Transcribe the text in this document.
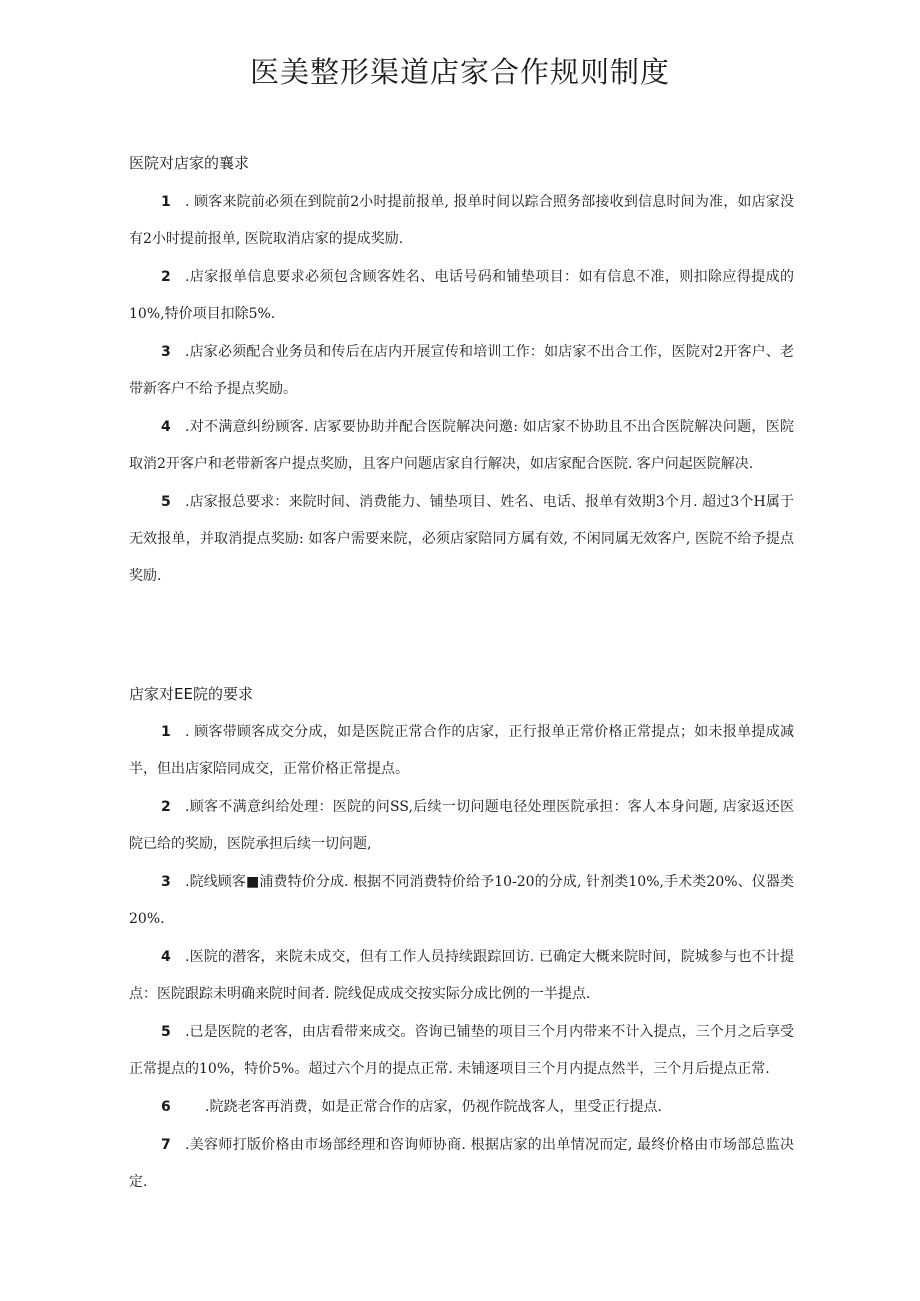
医美整形渠道店家合作规则制度
医院对店家的襄求
1 . 顾客来院前必须在到院前2小时提前报单, 报单时间以踪合照务部接收到信息时间为准，如店家没有2小时提前报单, 医院取消店家的提成奖励.
2 .店家报单信息要求必须包含顾客姓名、电话号码和铺垫项目：如有信息不准，则扣除应得提成的10%,特价项目扣除5%.
3 .店家必须配合业务员和传后在店内开展宣传和培训工作：如店家不出合工作，医院对2开客户、老带新客户不给予提点奖励。
4 .对不满意纠纷顾客. 店冢要协助并配合医院解决问邀: 如店家不协助且不出合医院解决问题，医院取消2开客户和老带新客户提点奖励，且客户问题店家自行解决，如店家配合医院. 客户问起医院解决.
5 .店家报总要求：来院时间、消费能力、铺垫项目、姓名、电话、报单有效期3个月. 超过3个H属于无效报单，并取消提点奖励: 如客户需要来院，必须店家陪同方属有效, 不闲同属无效客户, 医院不给予提点奖励.
店家对EE院的要求
1 . 顾客带顾客成交分成，如是医院正常合作的店家，正行报单正常价格正常提点；如未报单提成减半，但出店家陪同成交，正常价格正常提点。
2 .顾客不满意纠给处理：医院的问SS,后续一切问题电径处理医院承担：客人本身问题, 店家返还医院已给的奖励，医院承担后续一切问题,
3 .院线顾客■浦费特价分成. 根据不同消费特价给予10-20的分成, 针剂类10%,手术类20%、仪器类20%.
4 .医院的潜客，来院未成交，但有工作人员持续跟踪回访. 已确定大概来院时间，院城参与也不计提点：医院跟踪未明确来院时间者. 院线促成成交按实际分成比例的一半提点.
5 .已是医院的老客，由店看带来成交。咨询已铺垫的项目三个月内带来不计入提点，三个月之后享受正常提点的10%，特价5%。超过六个月的提点正常. 未铺逐项目三个月内提点然半，三个月后提点正常.
6 .院跷老客再消费，如是正常合作的店家，仍视作院战客人，里受正行提点.
7 .美容师打版价格由市场部经理和咨询师协商. 根据店家的出单情况而定, 最终价格由市场部总监决定.
